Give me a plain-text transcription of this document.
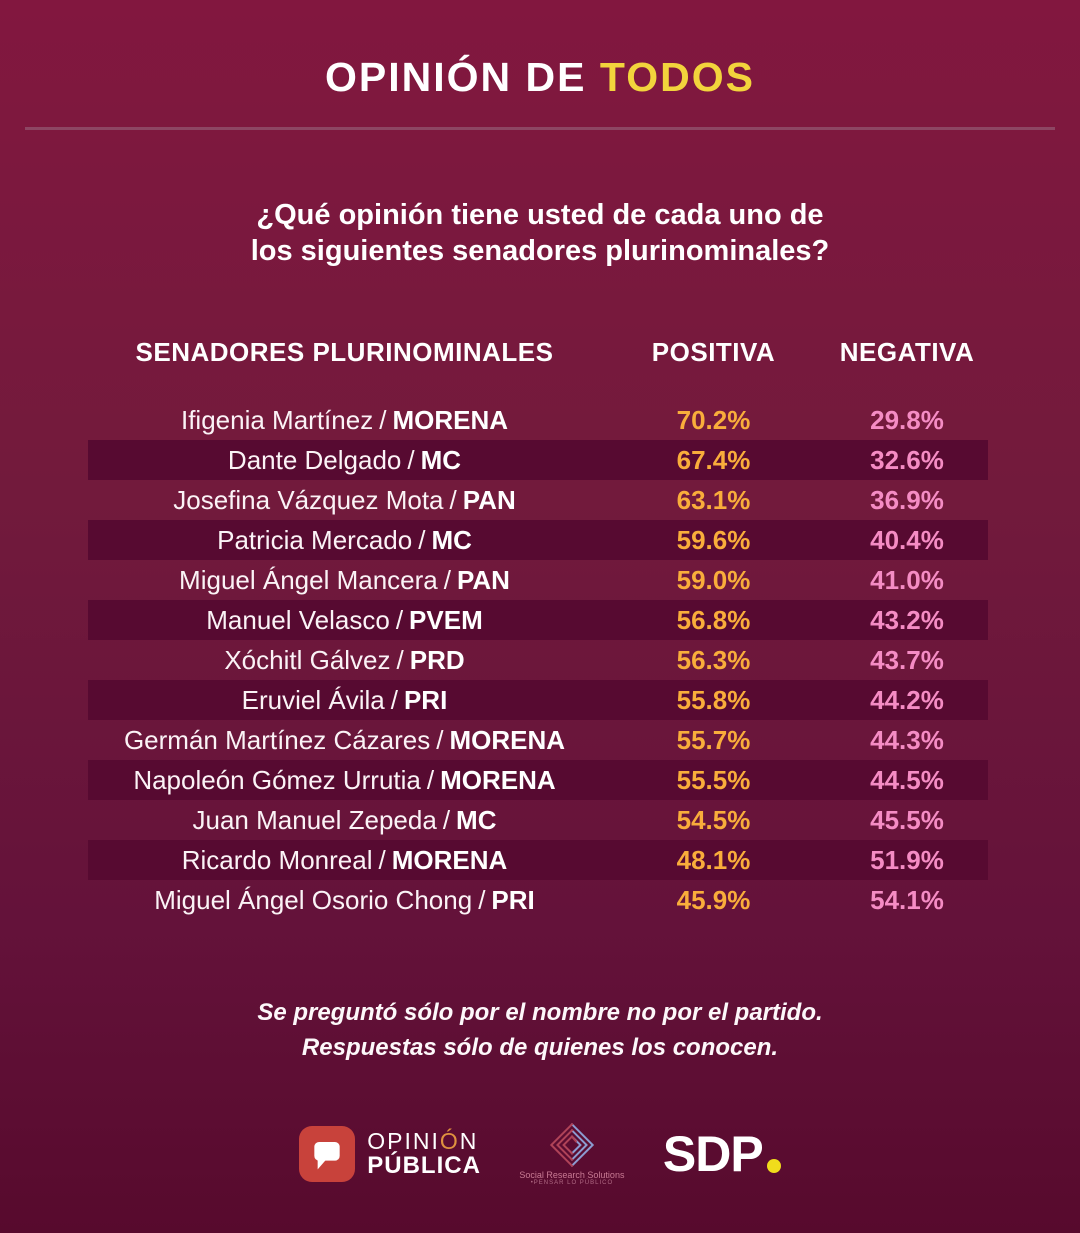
OPINIÓN DE TODOS
¿Qué opinión tiene usted de cada uno de
los siguientes senadores plurinominales?
SENADORES PLURINOMINALES	POSITIVA	NEGATIVA
Ifigenia Martínez / MORENA	70.2%	29.8%
Dante Delgado / MC	67.4%	32.6%
Josefina Vázquez Mota / PAN	63.1%	36.9%
Patricia Mercado / MC	59.6%	40.4%
Miguel Ángel Mancera / PAN	59.0%	41.0%
Manuel Velasco / PVEM	56.8%	43.2%
Xóchitl Gálvez / PRD	56.3%	43.7%
Eruviel Ávila / PRI	55.8%	44.2%
Germán Martínez Cázares / MORENA	55.7%	44.3%
Napoleón Gómez Urrutia / MORENA	55.5%	44.5%
Juan Manuel Zepeda / MC	54.5%	45.5%
Ricardo Monreal / MORENA	48.1%	51.9%
Miguel Ángel Osorio Chong / PRI	45.9%	54.1%
Se preguntó sólo por el nombre no por el partido.
Respuestas sólo de quienes los conocen.
OPINIÓN
PÚBLICA	Social Research Solutions
•PENSAR LO PÚBLICO
SDP
